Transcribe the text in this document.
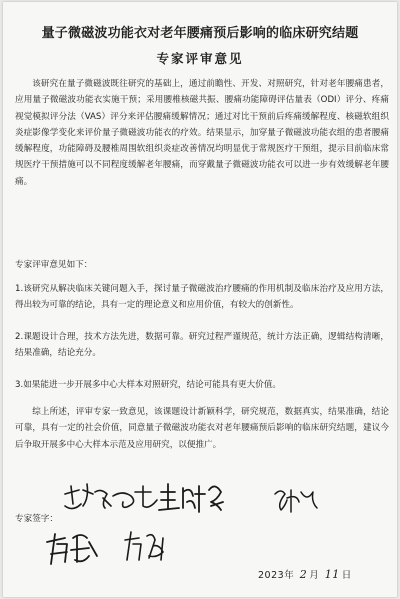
量子微磁波功能衣对老年腰痛预后影响的临床研究结题
专家评审意见

该研究在量子微磁波既往研究的基础上，通过前瞻性、开发、对照研究，针对老年腰痛患者，应用量子微磁波功能衣实施干预；采用腰椎核磁共振、腰痛功能障碍评估量表（ODI）评分、疼痛视觉模拟评分法（VAS）评分来评估腰痛缓解情况；通过对比干预前后疼痛缓解程度、核磁软组织炎症影像学变化来评价量子微磁波功能衣的疗效。结果显示，加穿量子微磁波功能衣组的患者腰痛缓解程度，功能障碍及腰椎周围软组织炎症改善情况均明显优于常规医疗干预组，提示目前临床常规医疗干预措施可以不同程度缓解老年腰痛，而穿戴量子微磁波功能衣可以进一步有效缓解老年腰痛。

专家评审意见如下：

1.该研究从解决临床关键问题入手，探讨量子微磁波治疗腰痛的作用机制及临床治疗及应用方法，得出较为可靠的结论，具有一定的理论意义和应用价值，有较大的创新性。

2.课题设计合理，技术方法先进，数据可靠。研究过程严谨规范，统计方法正确，逻辑结构清晰，结果准确，结论充分。

3.如果能进一步开展多中心大样本对照研究，结论可能具有更大价值。

综上所述，评审专家一致意见，该课题设计新颖科学，研究规范，数据真实，结果准确，结论可靠，具有一定的社会价值，同意量子微磁波功能衣对老年腰痛预后影响的临床研究结题，建议今后争取开展多中心大样本示范及应用研究，以便推广。

专家签字：
2023年 2 月 11 日
